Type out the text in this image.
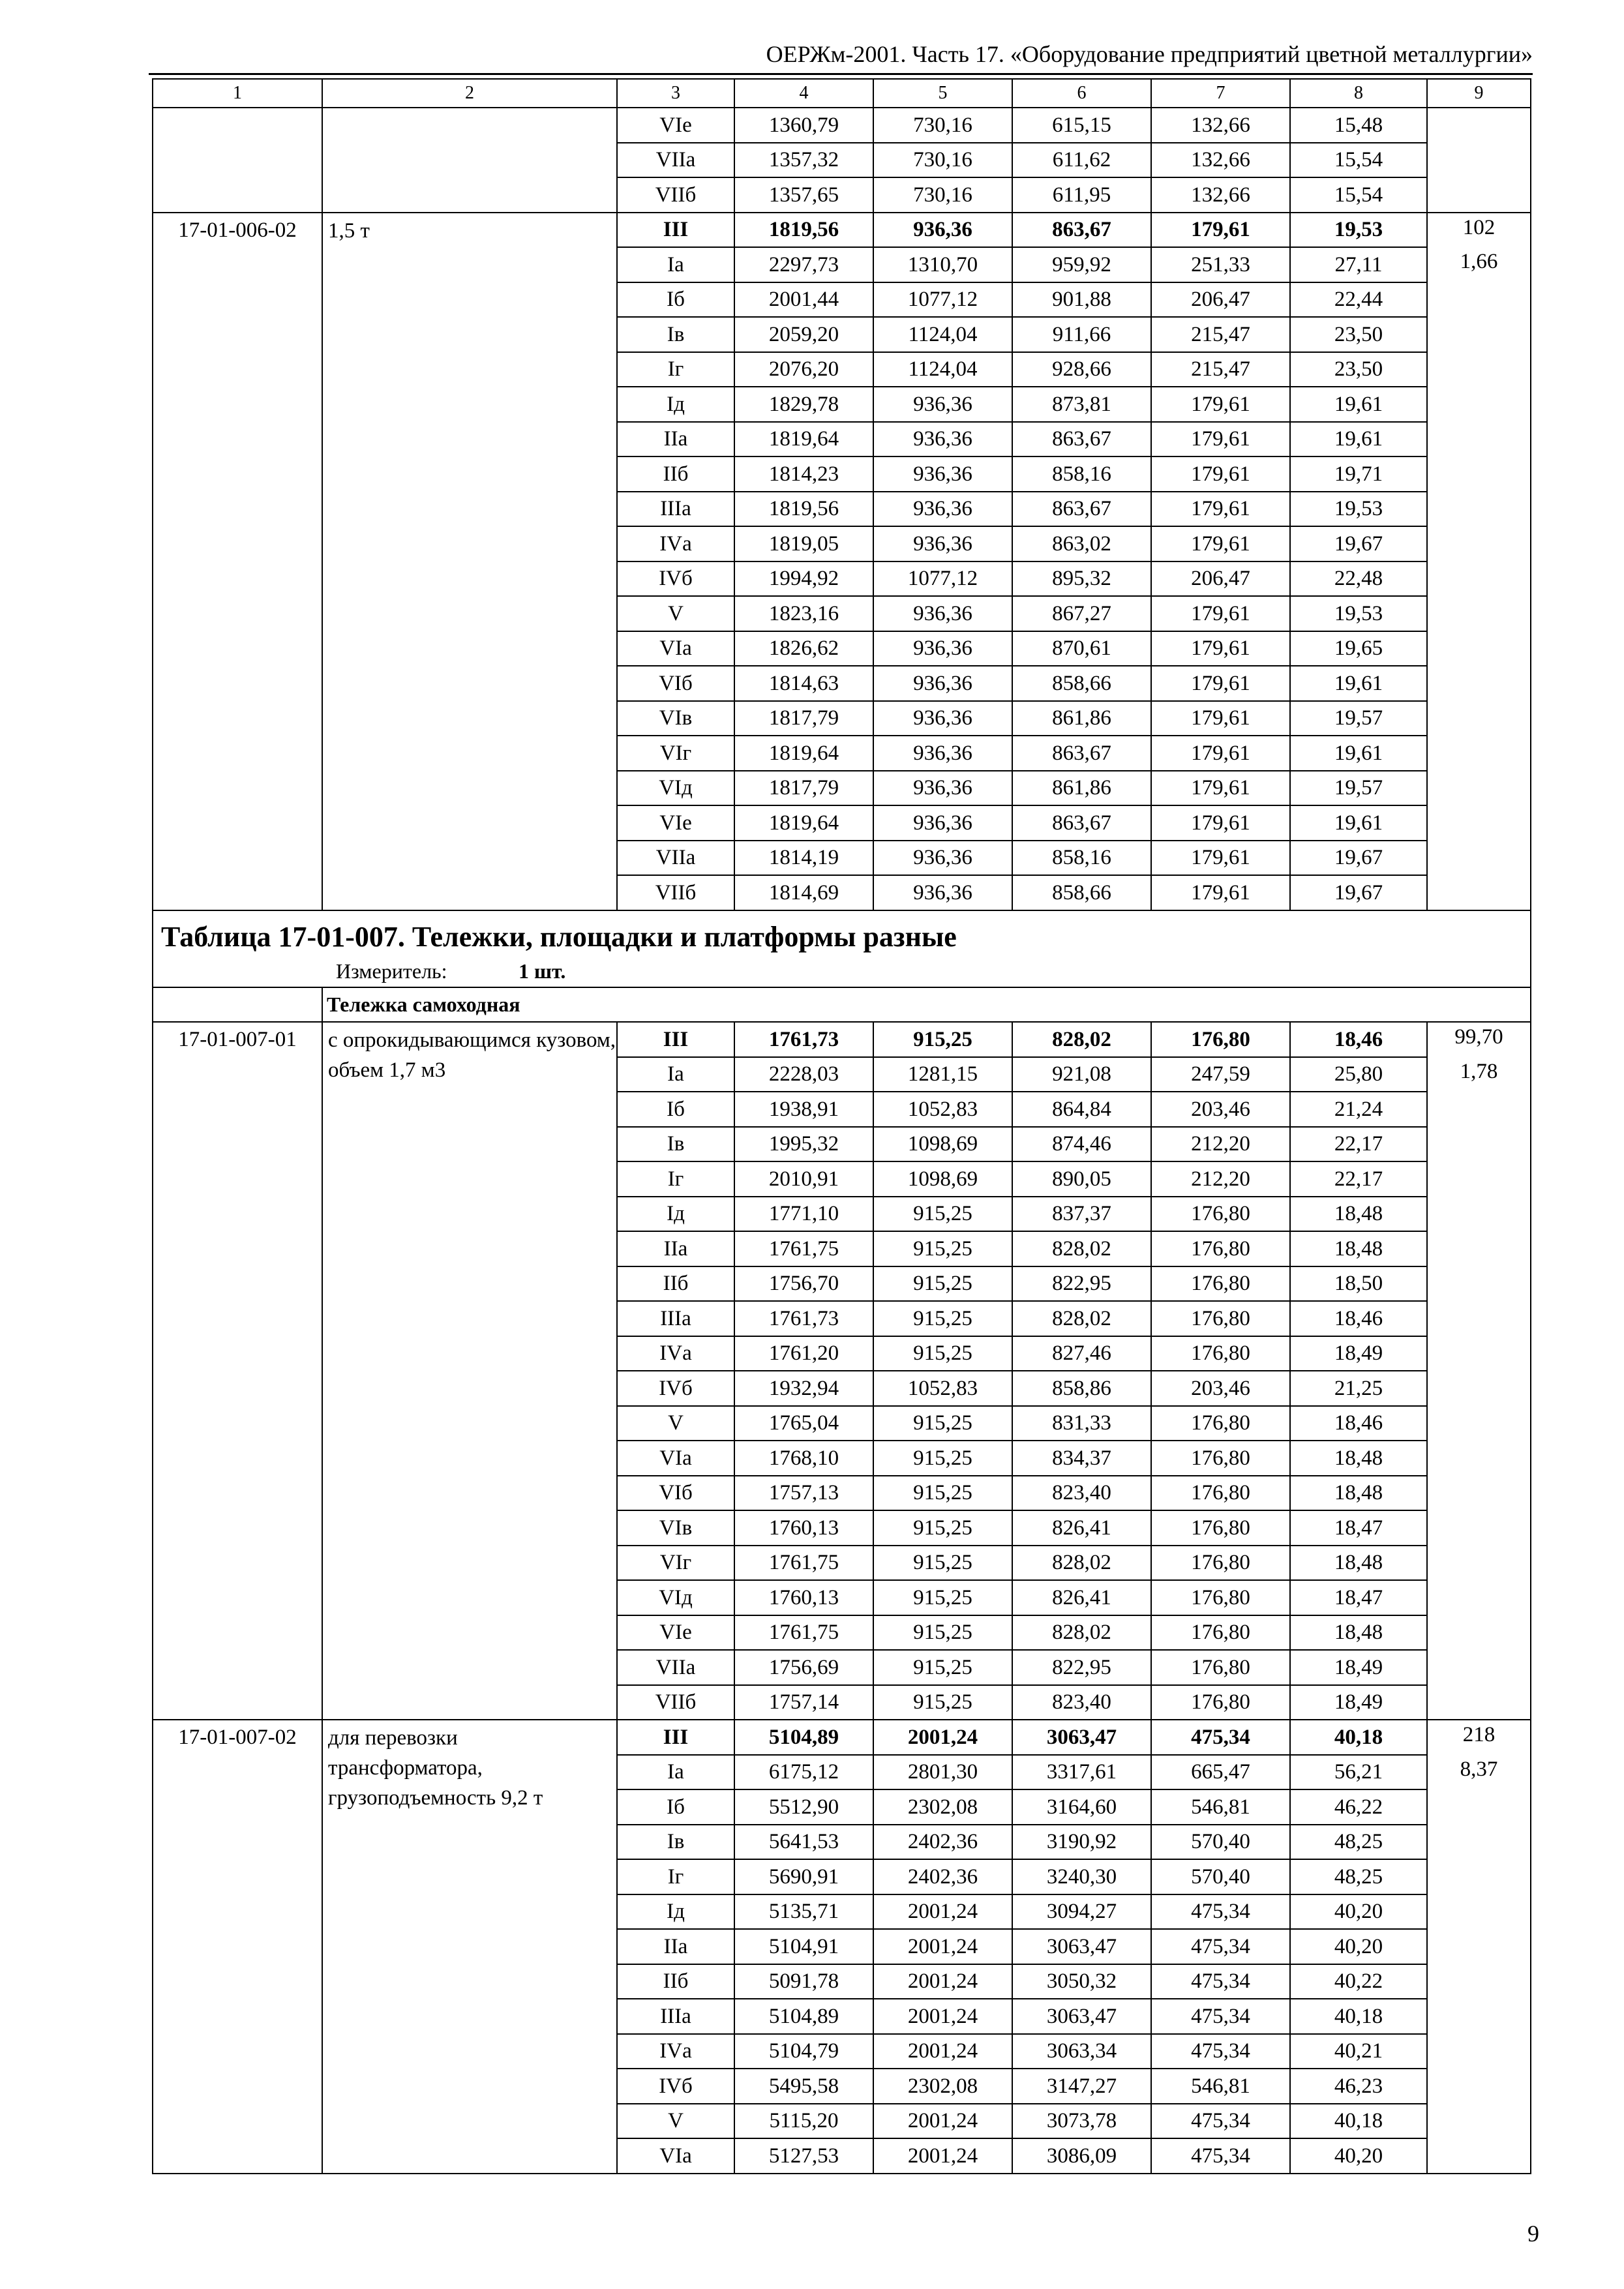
ОЕРЖм-2001. Часть 17. «Оборудование предприятий цветной металлургии»
1	2	3	4	5	6	7	8	9
		VIе	1360,79	730,16	615,15	132,66	15,48	
		VIIа	1357,32	730,16	611,62	132,66	15,54	
		VIIб	1357,65	730,16	611,95	132,66	15,54	
17-01-006-02	1,5 т	III	1819,56	936,36	863,67	179,61	19,53	102
		Iа	2297,73	1310,70	959,92	251,33	27,11	1,66
		Iб	2001,44	1077,12	901,88	206,47	22,44	
		Iв	2059,20	1124,04	911,66	215,47	23,50	
		Iг	2076,20	1124,04	928,66	215,47	23,50	
		Iд	1829,78	936,36	873,81	179,61	19,61	
		IIа	1819,64	936,36	863,67	179,61	19,61	
		IIб	1814,23	936,36	858,16	179,61	19,71	
		IIIа	1819,56	936,36	863,67	179,61	19,53	
		IVа	1819,05	936,36	863,02	179,61	19,67	
		IVб	1994,92	1077,12	895,32	206,47	22,48	
		V	1823,16	936,36	867,27	179,61	19,53	
		VIа	1826,62	936,36	870,61	179,61	19,65	
		VIб	1814,63	936,36	858,66	179,61	19,61	
		VIв	1817,79	936,36	861,86	179,61	19,57	
		VIг	1819,64	936,36	863,67	179,61	19,61	
		VIд	1817,79	936,36	861,86	179,61	19,57	
		VIе	1819,64	936,36	863,67	179,61	19,61	
		VIIа	1814,19	936,36	858,16	179,61	19,67	
		VIIб	1814,69	936,36	858,66	179,61	19,67	

Таблица 17-01-007. Тележки, площадки и платформы разные
Измеритель: 1 шт.								

	Тележка самоходная							
17-01-007-01	с опрокидывающимся кузовом, объем 1,7 м3	III	1761,73	915,25	828,02	176,80	18,46	99,70
		Iа	2228,03	1281,15	921,08	247,59	25,80	1,78
		Iб	1938,91	1052,83	864,84	203,46	21,24	
		Iв	1995,32	1098,69	874,46	212,20	22,17	
		Iг	2010,91	1098,69	890,05	212,20	22,17	
		Iд	1771,10	915,25	837,37	176,80	18,48	
		IIа	1761,75	915,25	828,02	176,80	18,48	
		IIб	1756,70	915,25	822,95	176,80	18,50	
		IIIа	1761,73	915,25	828,02	176,80	18,46	
		IVа	1761,20	915,25	827,46	176,80	18,49	
		IVб	1932,94	1052,83	858,86	203,46	21,25	
		V	1765,04	915,25	831,33	176,80	18,46	
		VIа	1768,10	915,25	834,37	176,80	18,48	
		VIб	1757,13	915,25	823,40	176,80	18,48	
		VIв	1760,13	915,25	826,41	176,80	18,47	
		VIг	1761,75	915,25	828,02	176,80	18,48	
		VIд	1760,13	915,25	826,41	176,80	18,47	
		VIе	1761,75	915,25	828,02	176,80	18,48	
		VIIа	1756,69	915,25	822,95	176,80	18,49	
		VIIб	1757,14	915,25	823,40	176,80	18,49	
17-01-007-02	для перевозки трансформатора, грузоподъемность 9,2 т	III	5104,89	2001,24	3063,47	475,34	40,18	218
		Iа	6175,12	2801,30	3317,61	665,47	56,21	8,37
		Iб	5512,90	2302,08	3164,60	546,81	46,22	
		Iв	5641,53	2402,36	3190,92	570,40	48,25	
		Iг	5690,91	2402,36	3240,30	570,40	48,25	
		Iд	5135,71	2001,24	3094,27	475,34	40,20	
		IIа	5104,91	2001,24	3063,47	475,34	40,20	
		IIб	5091,78	2001,24	3050,32	475,34	40,22	
		IIIа	5104,89	2001,24	3063,47	475,34	40,18	
		IVа	5104,79	2001,24	3063,34	475,34	40,21	
		IVб	5495,58	2302,08	3147,27	546,81	46,23	
		V	5115,20	2001,24	3073,78	475,34	40,18	
		VIа	5127,53	2001,24	3086,09	475,34	40,20	
9
